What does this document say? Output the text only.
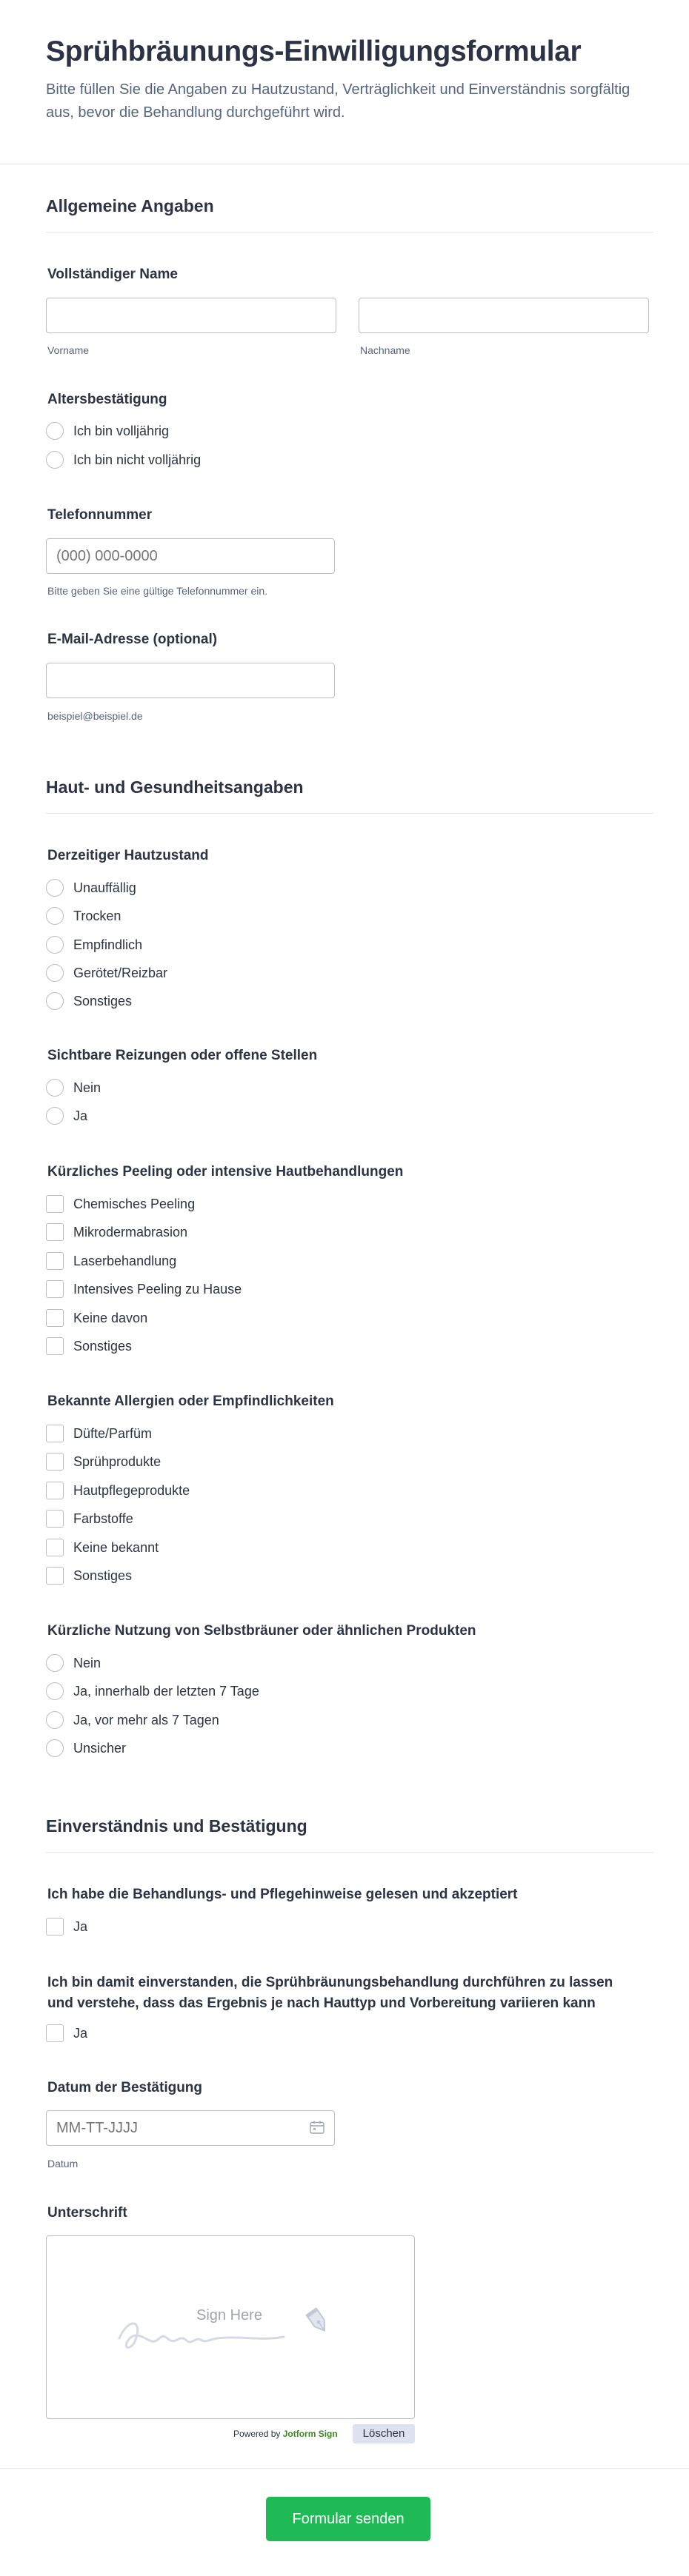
Sprühbräunungs-Einwilligungsformular
Bitte füllen Sie die Angaben zu Hautzustand, Verträglichkeit und Einverständnis sorgfältig aus, bevor die Behandlung durchgeführt wird.
Allgemeine Angaben
Vollständiger Name
Vorname	Nachname
Altersbestätigung
Ich bin volljährig
Ich bin nicht volljährig
Telefonnummer
(000) 000-0000
Bitte geben Sie eine gültige Telefonnummer ein.
E-Mail-Adresse (optional)
beispiel@beispiel.de
Haut- und Gesundheitsangaben
Derzeitiger Hautzustand
Unauffällig
Trocken
Empfindlich
Gerötet/Reizbar
Sonstiges
Sichtbare Reizungen oder offene Stellen
Nein
Ja
Kürzliches Peeling oder intensive Hautbehandlungen
Chemisches Peeling
Mikrodermabrasion
Laserbehandlung
Intensives Peeling zu Hause
Keine davon
Sonstiges
Bekannte Allergien oder Empfindlichkeiten
Düfte/Parfüm
Sprühprodukte
Hautpflegeprodukte
Farbstoffe
Keine bekannt
Sonstiges
Kürzliche Nutzung von Selbstbräuner oder ähnlichen Produkten
Nein
Ja, innerhalb der letzten 7 Tage
Ja, vor mehr als 7 Tagen
Unsicher
Einverständnis und Bestätigung
Ich habe die Behandlungs- und Pflegehinweise gelesen und akzeptiert
Ja
Ich bin damit einverstanden, die Sprühbräunungsbehandlung durchführen zu lassen
und verstehe, dass das Ergebnis je nach Hauttyp und Vorbereitung variieren kann
Ja
Datum der Bestätigung
MM-TT-JJJJ
Datum
Unterschrift
Sign Here
Powered by Jotform Sign	Löschen
Formular senden
